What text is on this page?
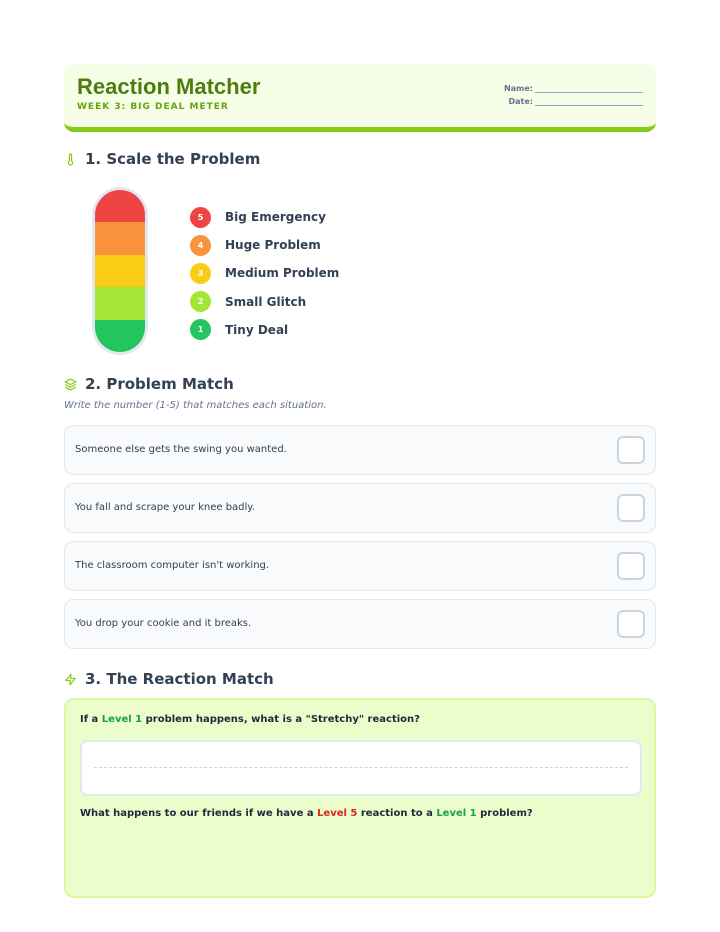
Reaction Matcher
WEEK 3: BIG DEAL METER
Name:
Date:
1. Scale the Problem
5	Big Emergency
4	Huge Problem
3	Medium Problem
2	Small Glitch
1	Tiny Deal
2. Problem Match
Write the number (1-5) that matches each situation.
Someone else gets the swing you wanted.
You fall and scrape your knee badly.
The classroom computer isn't working.
You drop your cookie and it breaks.
3. The Reaction Match
If a Level 1 problem happens, what is a "Stretchy" reaction?
What happens to our friends if we have a Level 5 reaction to a Level 1 problem?
